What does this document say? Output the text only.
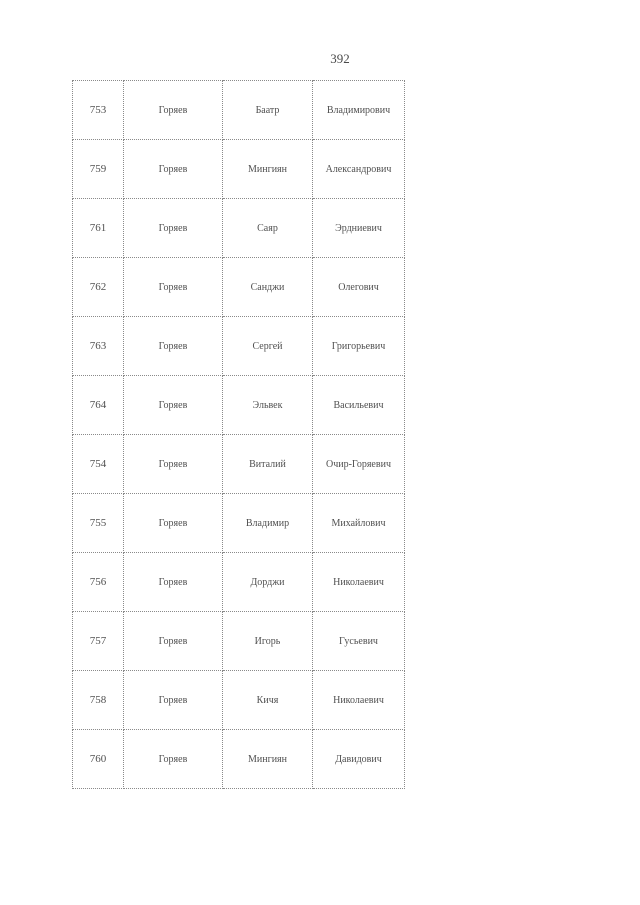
392
753	Горяев	Баатр	Владимирович
759	Горяев	Мингиян	Александрович
761	Горяев	Саяр	Эрдниевич
762	Горяев	Санджи	Олегович
763	Горяев	Сергей	Григорьевич
764	Горяев	Эльвек	Васильевич
754	Горяев	Виталий	Очир-Горяевич
755	Горяев	Владимир	Михайлович
756	Горяев	Дорджи	Николаевич
757	Горяев	Игорь	Гусьевич
758	Горяев	Кичя	Николаевич
760	Горяев	Мингиян	Давидович
